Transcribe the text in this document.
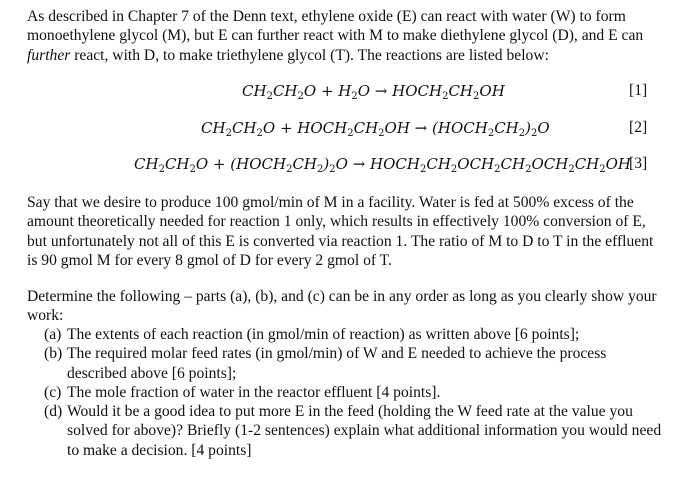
As described in Chapter 7 of the Denn text, ethylene oxide (E) can react with water (W) to form monoethylene glycol (M), but E can further react with M to make diethylene glycol (D), and E can further react, with D, to make triethylene glycol (T). The reactions are listed below:

$CH_2CH_2O + H_2O$ → $HOCH_2CH_2OH$	[1]
$CH_2CH_2O$ + $HOCH_2CH_2OH$ → $(HOCH_2CH_2)_2O$	[2]
$CH_2CH_2O$ + $(HOCH_2CH_2)_2O$ → $HOCH_2CH_2OCH_2CH_2OCH_2CH_2OH$
[3]

Say that we desire to produce 100 gmol/min of M in a facility. Water is fed at 500% excess of the amount theoretically needed for reaction 1 only, which results in effectively 100% conversion of E, but unfortunately not all of this E is converted via reaction 1. The ratio of M to D to T in the effluent is 90 gmol M for every 8 gmol of D for every 2 gmol of T.

Determine the following – parts (a), (b), and (c) can be in any order as long as you clearly show your work:

(a) The extents of each reaction (in gmol/min of reaction) as written above [6 points];
(b) The required molar feed rates (in gmol/min) of W and E needed to achieve the process described above [6 points];
(c) The mole fraction of water in the reactor effluent [4 points].
(d) Would it be a good idea to put more E in the feed (holding the W feed rate at the value you solved for above)? Briefly (1-2 sentences) explain what additional information you would need to make a decision. [4 points]
